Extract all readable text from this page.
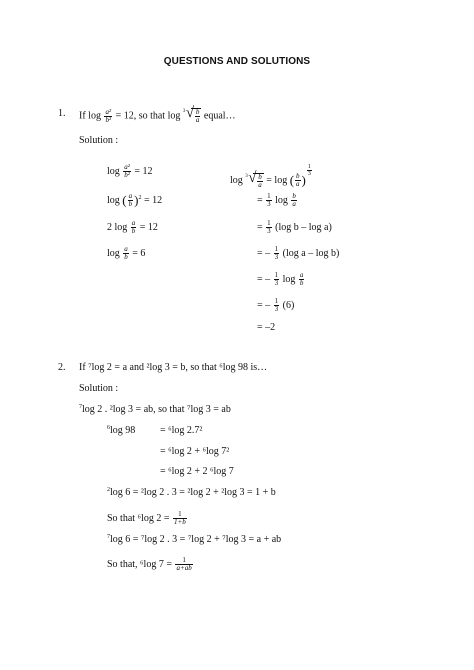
QUESTIONS AND SOLUTIONS
1. If $\log \frac{\text{a²}}{\text{b²}} = 12$, so that log 3 √ $\frac{b}{a}$ equal…
Solution :
$\log \frac{\text{a²}}{\text{b²}} = 12$
log ( $\frac{a}{b} )^2 = 12$
2 $\log \frac{a}{b} = 12$
$\log \frac{a}{b} = 6$
log 3 √ $\frac{b}{a} = \log$ ( $\frac{b}{a}$ )
$\frac{1}{3}$
= $\frac{1}{3}$ $\log \frac{b}{a}$
= $\frac{1}{3} (\log$ b – log a)
= – $\frac{1}{3} (\log$ a – log b)
= – $\frac{1}{3}$ $\log \frac{a}{b}$
= – $\frac{1}{3} (6)$
= –2
2. If ⁷log 2 = a and ²log 3 = b, so that ⁶log 98 is…
Solution :
$^7$log 2 . ²log 3 = ab, so that ⁷log 3 = ab
$^6$log 98 = ⁶log 2.7²
= ⁶log 2 + ⁶log 7²
= ⁶log 2 + 2 ⁶log 7
$^2$log 6 = ²log 2 . 3 = ²log 2 + ²log 3 = 1 + b
So that ⁶log $2 = \frac{1}{1+b}$
$^7$log 6 = ⁷log 2 . 3 = ⁷log 2 + ⁷log 3 = a + ab
So that, ⁶log $7 = \frac{1}{a+ab}$
